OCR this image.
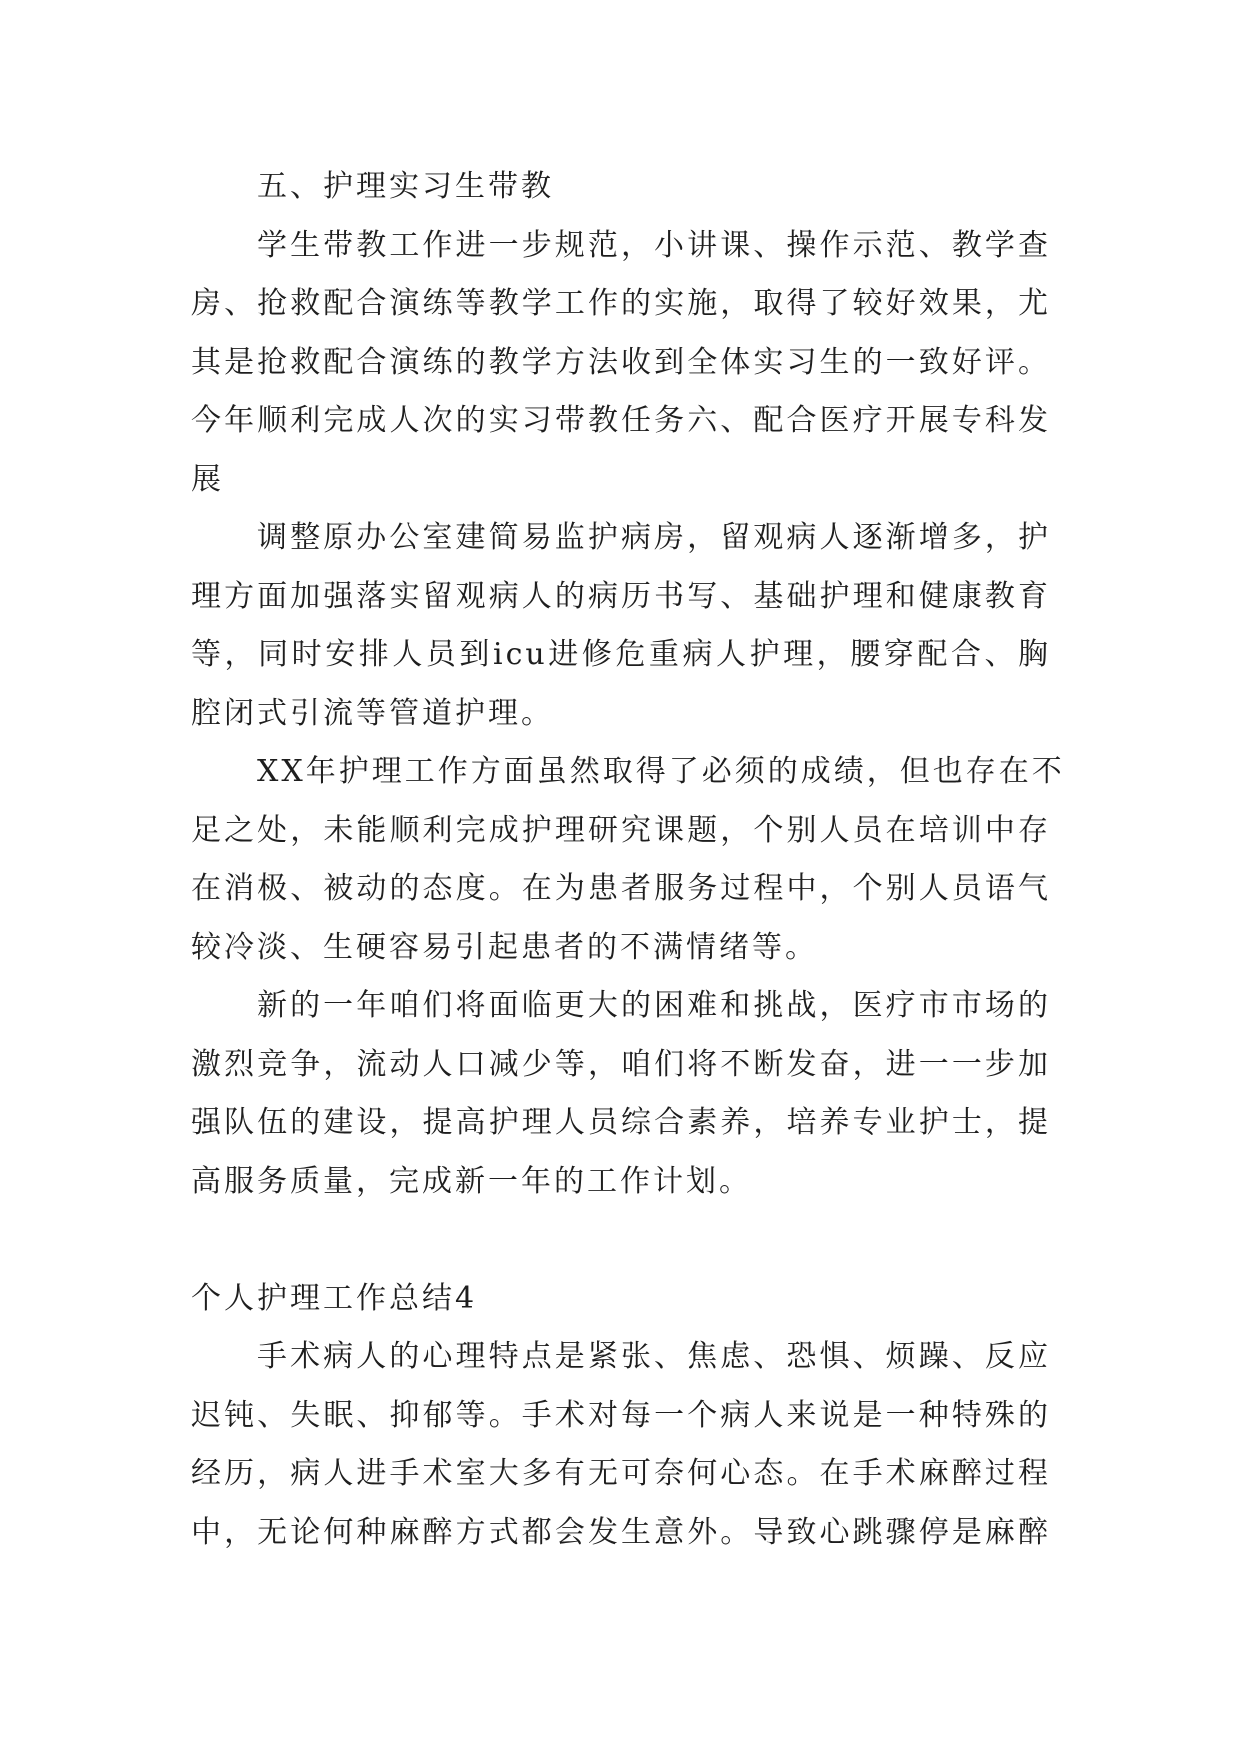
五、护理实习生带教
学生带教工作进一步规范，小讲课、操作示范、教学查
房、抢救配合演练等教学工作的实施，取得了较好效果，尤
其是抢救配合演练的教学方法收到全体实习生的一致好评。
今年顺利完成人次的实习带教任务六、配合医疗开展专科发
展
调整原办公室建简易监护病房，留观病人逐渐增多，护
理方面加强落实留观病人的病历书写、基础护理和健康教育
等，同时安排人员到icu进修危重病人护理，腰穿配合、胸
腔闭式引流等管道护理。
XX年护理工作方面虽然取得了必须的成绩，但也存在不
足之处，未能顺利完成护理研究课题，个别人员在培训中存
在消极、被动的态度。在为患者服务过程中，个别人员语气
较冷淡、生硬容易引起患者的不满情绪等。
新的一年咱们将面临更大的困难和挑战，医疗市市场的
激烈竞争，流动人口减少等，咱们将不断发奋，进一一步加
强队伍的建设，提高护理人员综合素养，培养专业护士，提
高服务质量，完成新一年的工作计划。
个人护理工作总结4
手术病人的心理特点是紧张、焦虑、恐惧、烦躁、反应
迟钝、失眠、抑郁等。手术对每一个病人来说是一种特殊的
经历，病人进手术室大多有无可奈何心态。在手术麻醉过程
中，无论何种麻醉方式都会发生意外。导致心跳骤停是麻醉
